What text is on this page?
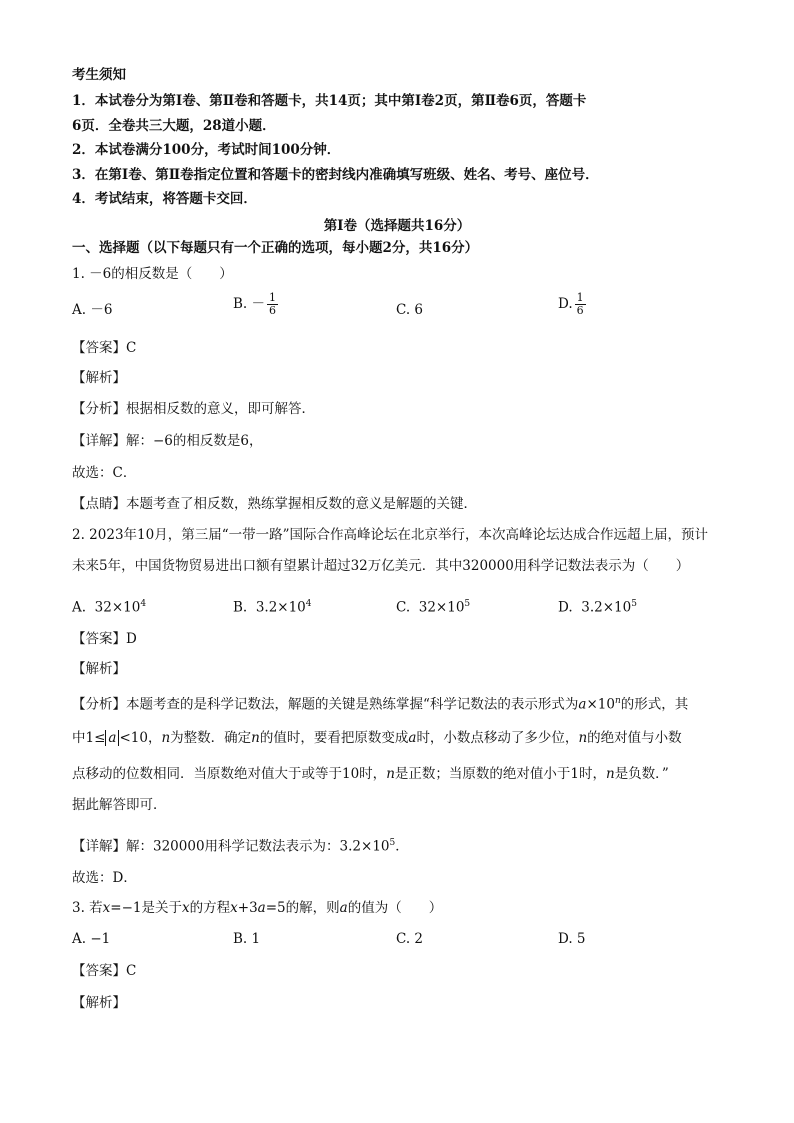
考生须知
1．本试卷分为第Ⅰ卷、第Ⅱ卷和答题卡，共14页；其中第Ⅰ卷2页，第Ⅱ卷6页，答题卡
6页．全卷共三大题，28道小题．
2．本试卷满分100分，考试时间100分钟．
3．在第Ⅰ卷、第Ⅱ卷指定位置和答题卡的密封线内准确填写班级、姓名、考号、座位号．
4．考试结束，将答题卡交回．
第Ⅰ卷（选择题共16分）
一、选择题（以下每题只有一个正确的选项，每小题2分，共16分）
1. －6的相反数是（　　）
A. －6	B. － $\frac{1}{6}$	C. 6	D. $\frac{1}{6}$
【答案】C
【解析】
【分析】根据相反数的意义，即可解答．
【详解】解：−6的相反数是6，
故选：C．
【点睛】本题考查了相反数，熟练掌握相反数的意义是解题的关键．
2. 2023年10月，第三届“一带一路”国际合作高峰论坛在北京举行，本次高峰论坛达成合作远超上届，预计
未来5年，中国货物贸易进出口额有望累计超过32万亿美元．其中320000用科学记数法表示为（　　）
A. $32\times 10^4$	B. $3.2\times 10^4$	C. $32\times 10^5$	D. $3.2\times 10^5$
【答案】D
【解析】
【分析】本题考查的是科学记数法，解题的关键是熟练掌握“科学记数法的表示形式为$a\times 10^n$的形式，其
中1≤ a <10，n为整数．确定n的值时，要看把原数变成a时，小数点移动了多少位，n的绝对值与小数
点移动的位数相同．当原数绝对值大于或等于10时，n是正数；当原数的绝对值小于1时，n是负数．”
据此解答即可．
【详解】解：320000用科学记数法表示为：$3.2\times 10^5$．
故选：D．
3. 若x=−1是关于x的方程x+3a=5的解，则a的值为（　　）
A. −1	B. 1	C. 2	D. 5
【答案】C
【解析】
